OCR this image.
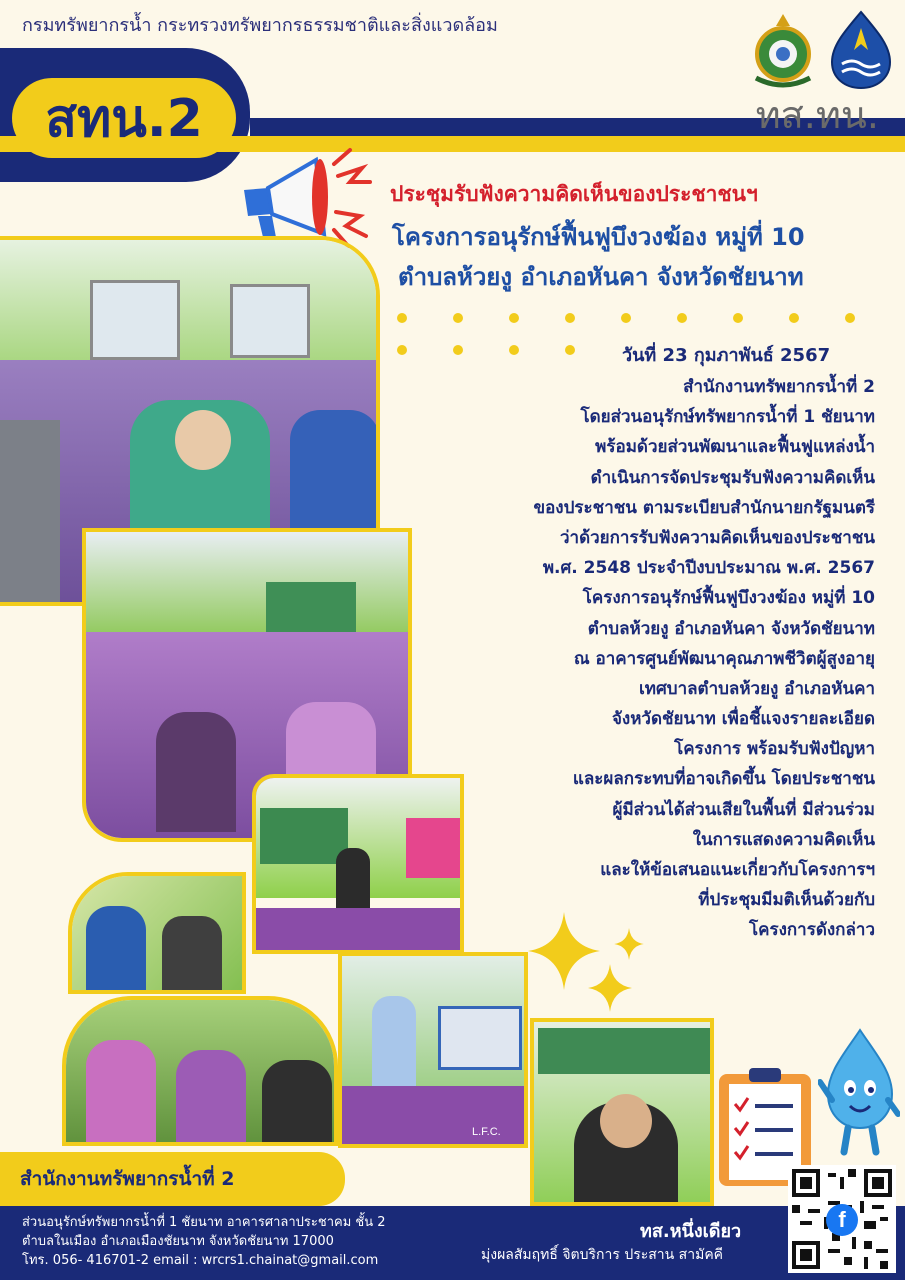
กรมทรัพยากรน้ำ กระทรวงทรัพยากรธรรมชาติและสิ่งแวดล้อม
สทน.2	ทส.ทน.
ประชุมรับฟังความคิดเห็นของประชาชนฯ
โครงการอนุรักษ์ฟื้นฟูบึงวงฆ้อง หมู่ที่ 10
ตำบลห้วยงู อำเภอหันคา จังหวัดชัยนาท
วันที่ 23 กุมภาพันธ์ 2567
สำนักงานทรัพยากรน้ำที่ 2
โดยส่วนอนุรักษ์ทรัพยากรน้ำที่ 1 ชัยนาท
พร้อมด้วยส่วนพัฒนาและฟื้นฟูแหล่งน้ำ
ดำเนินการจัดประชุมรับฟังความคิดเห็น
ของประชาชน ตามระเบียบสำนักนายกรัฐมนตรี
ว่าด้วยการรับฟังความคิดเห็นของประชาชน
พ.ศ. 2548 ประจำปีงบประมาณ พ.ศ. 2567
โครงการอนุรักษ์ฟื้นฟูบึงวงฆ้อง หมู่ที่ 10
ตำบลห้วยงู อำเภอหันคา จังหวัดชัยนาท
ณ อาคารศูนย์พัฒนาคุณภาพชีวิตผู้สูงอายุ
เทศบาลตำบลห้วยงู อำเภอหันคา
จังหวัดชัยนาท เพื่อชี้แจงรายละเอียด
โครงการ พร้อมรับฟังปัญหา
และผลกระทบที่อาจเกิดขึ้น โดยประชาชน
ผู้มีส่วนได้ส่วนเสียในพื้นที่ มีส่วนร่วม
ในการแสดงความคิดเห็น
และให้ข้อเสนอแนะเกี่ยวกับโครงการฯ
ที่ประชุมมีมติเห็นด้วยกับ
โครงการดังกล่าว
L.F.C.
สำนักงานทรัพยากรน้ำที่ 2
ส่วนอนุรักษ์ทรัพยากรน้ำที่ 1 ชัยนาท อาคารศาลาประชาคม ชั้น 2
ตำบลในเมือง อำเภอเมืองชัยนาท จังหวัดชัยนาท 17000
โทร. 056- 416701-2 email : wrcrs1.chainat@gmail.com
ทส.หนึ่งเดียว
มุ่งผลสัมฤทธิ์ จิตบริการ ประสาน สามัคคี
f
